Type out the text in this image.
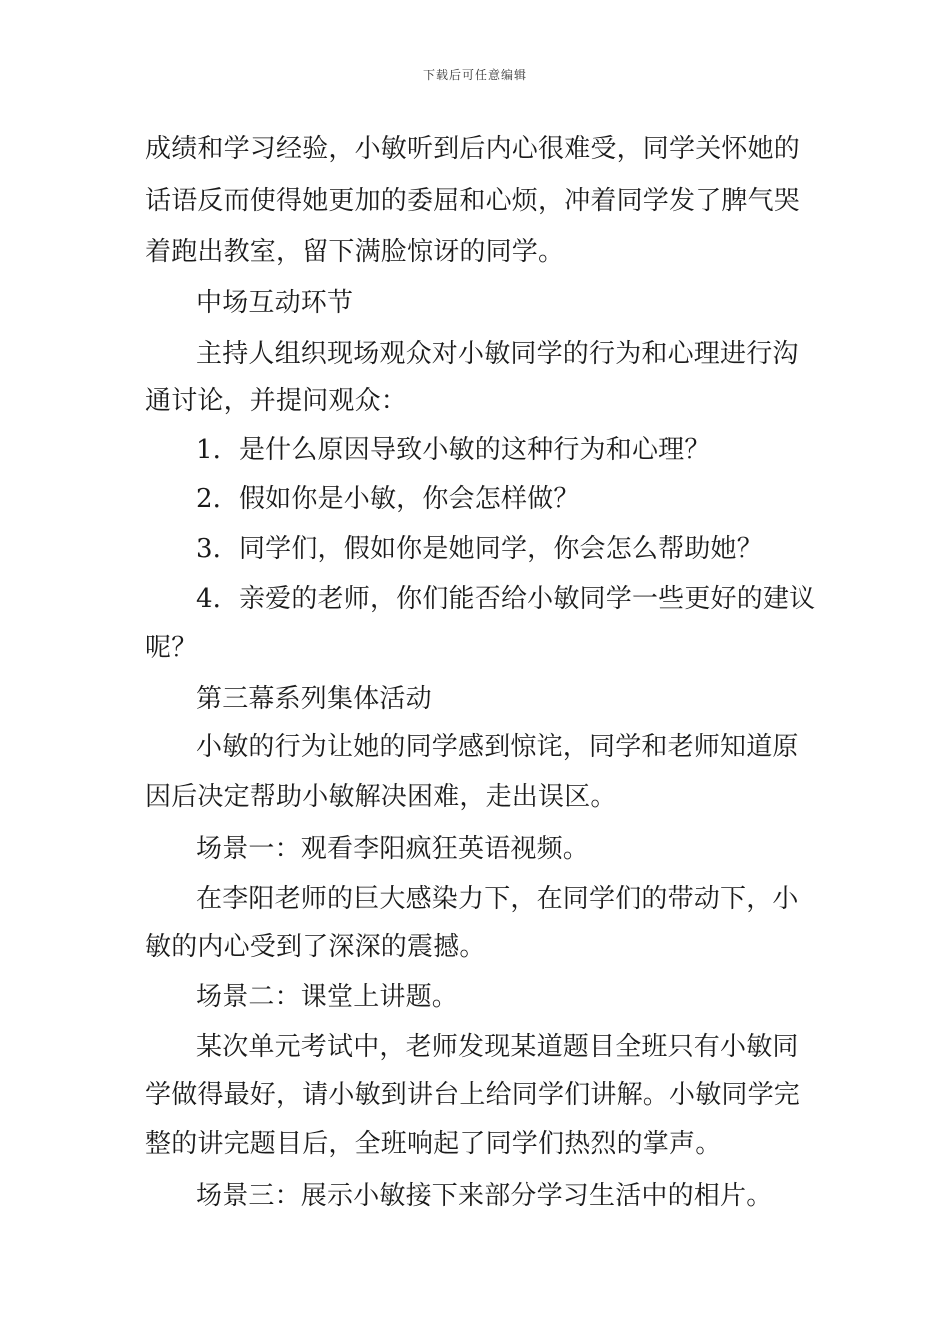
下载后可任意编辑
成绩和学习经验，小敏听到后内心很难受，同学关怀她的
话语反而使得她更加的委屈和心烦，冲着同学发了脾气哭
着跑出教室，留下满脸惊讶的同学。
中场互动环节
主持人组织现场观众对小敏同学的行为和心理进行沟
通讨论，并提问观众：
1．是什么原因导致小敏的这种行为和心理？
2．假如你是小敏，你会怎样做？
3．同学们，假如你是她同学，你会怎么帮助她？
4．亲爱的老师，你们能否给小敏同学一些更好的建议
呢？
第三幕系列集体活动
小敏的行为让她的同学感到惊诧，同学和老师知道原
因后决定帮助小敏解决困难，走出误区。
场景一：观看李阳疯狂英语视频。
在李阳老师的巨大感染力下，在同学们的带动下，小
敏的内心受到了深深的震撼。
场景二：课堂上讲题。
某次单元考试中，老师发现某道题目全班只有小敏同
学做得最好，请小敏到讲台上给同学们讲解。小敏同学完
整的讲完题目后，全班响起了同学们热烈的掌声。
场景三：展示小敏接下来部分学习生活中的相片。
